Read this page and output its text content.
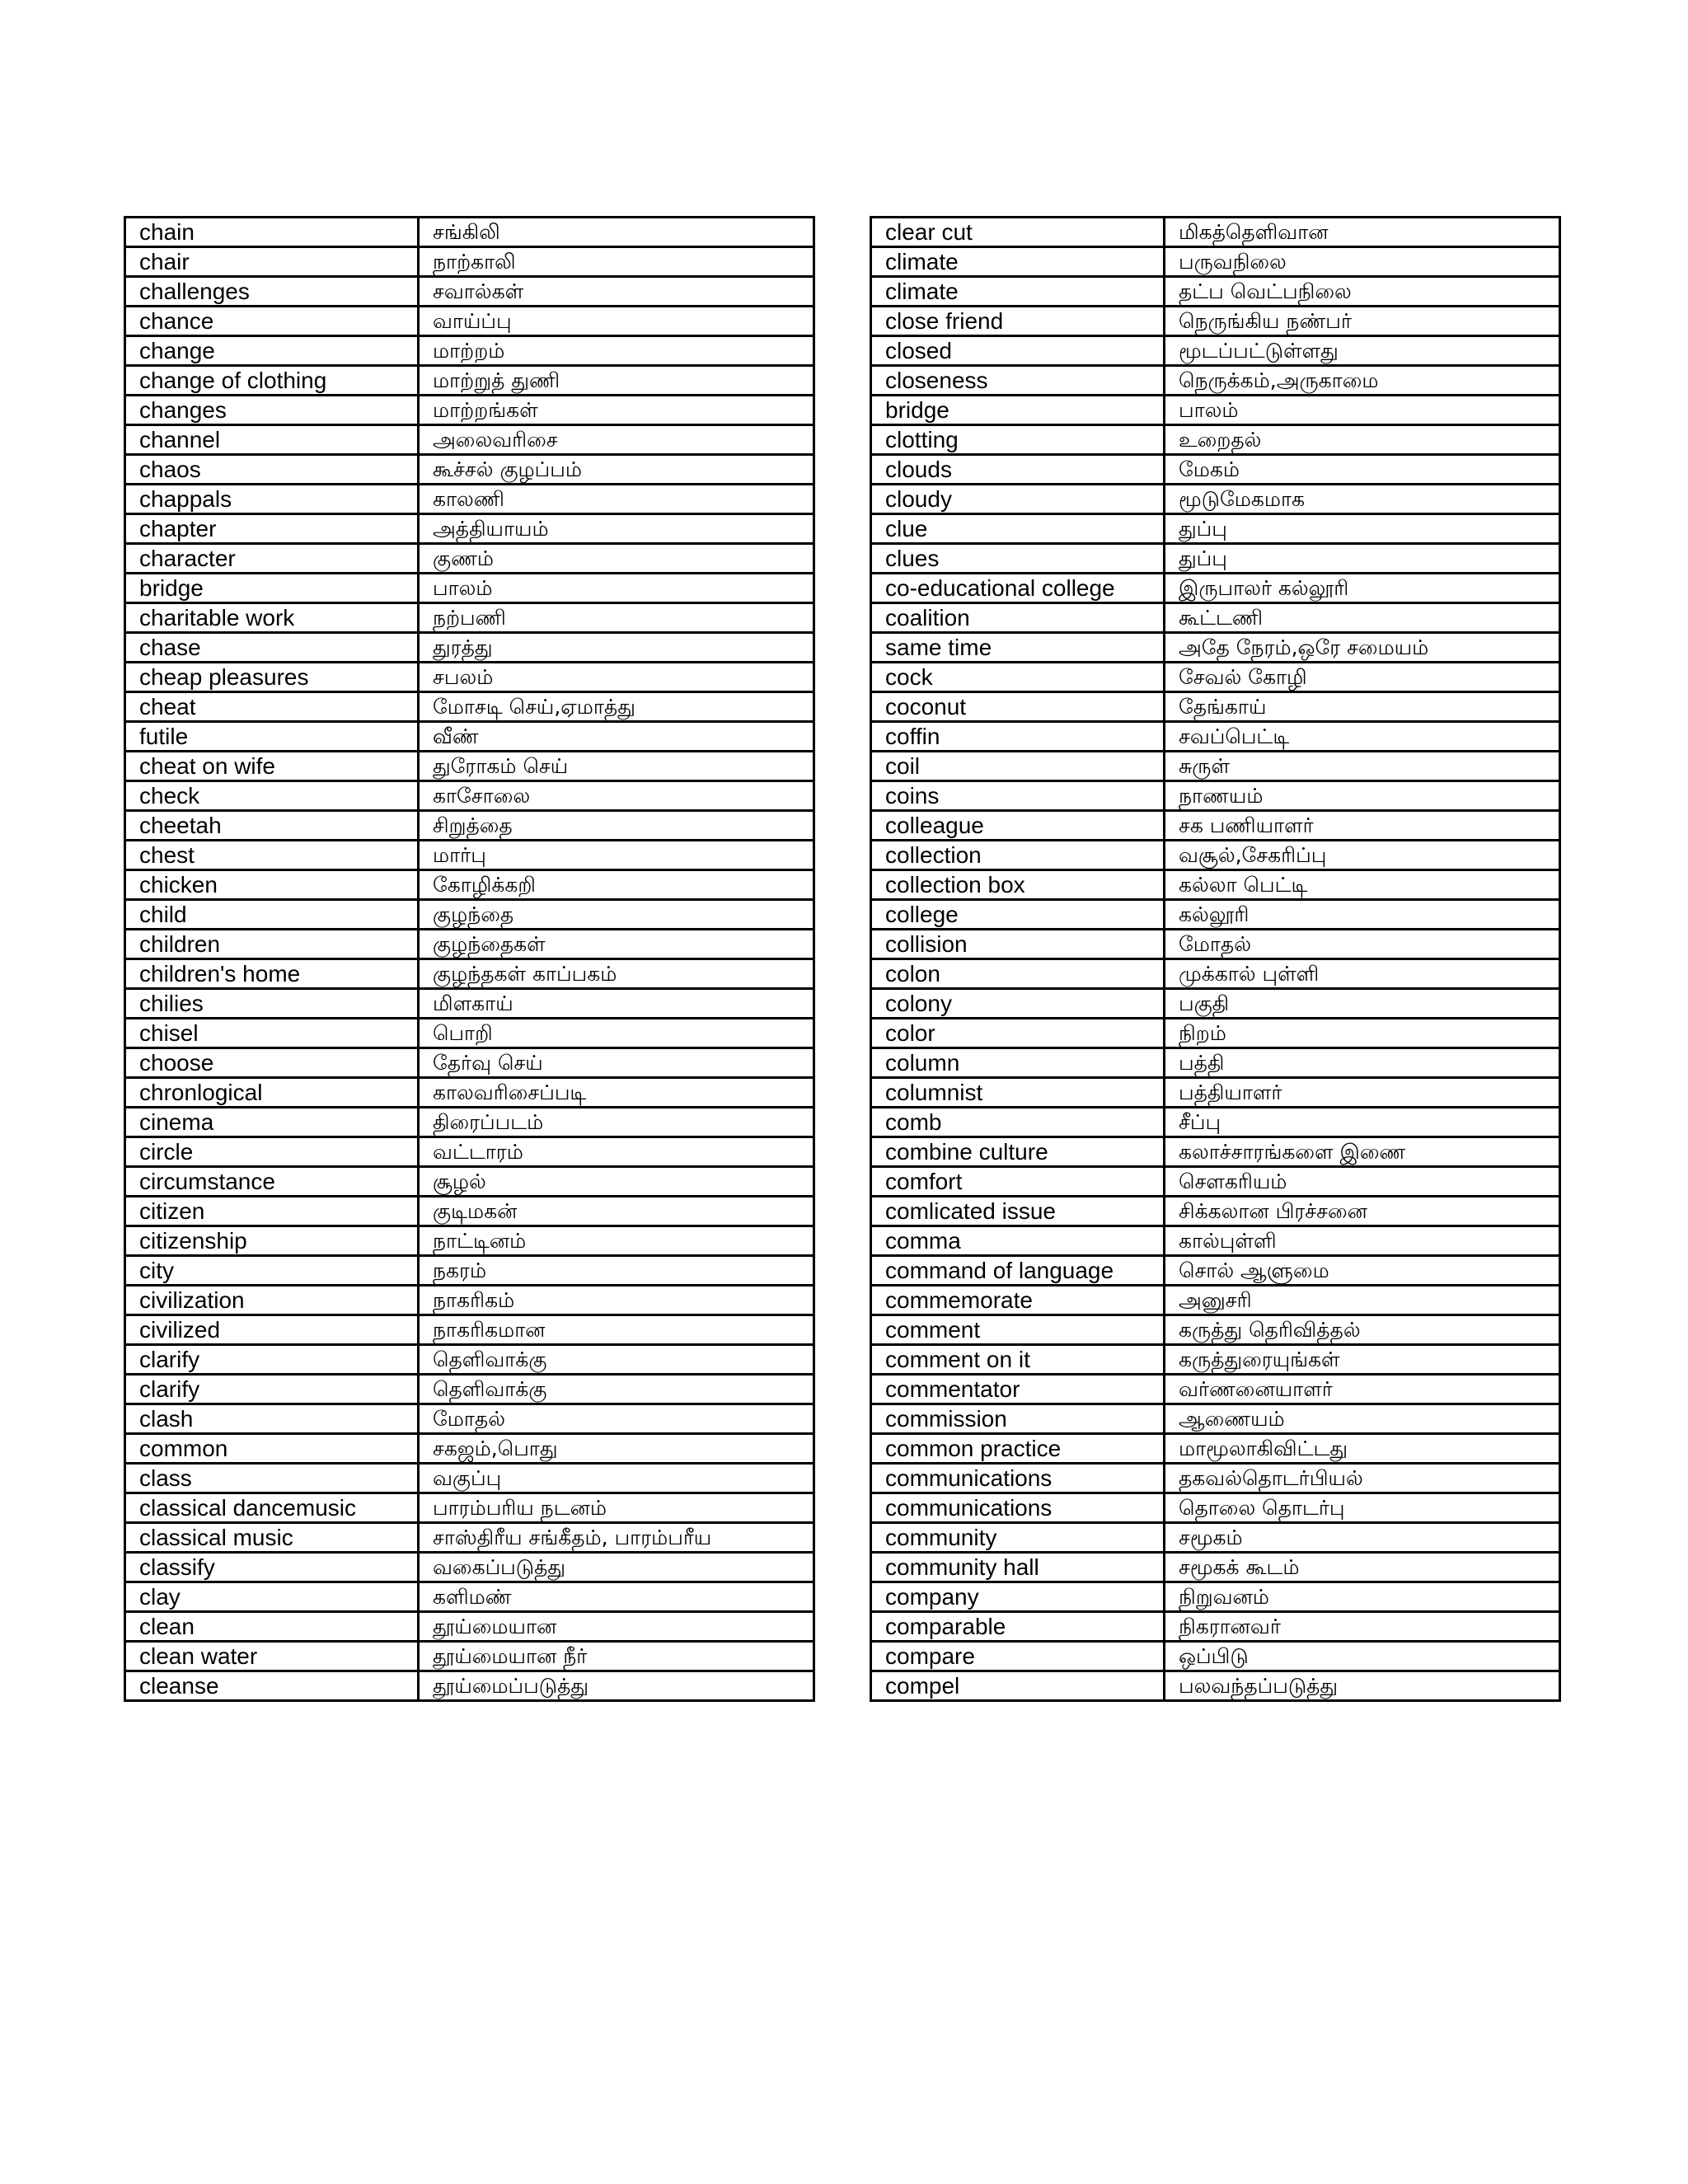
chain	சங்கிலி
chair	நாற்காலி
challenges	சவால்கள்
chance	வாய்ப்பு
change	மாற்றம்
change of clothing	மாற்றுத் துணி
changes	மாற்றங்கள்
channel	அலைவரிசை
chaos	கூச்சல் குழப்பம்
chappals	காலணி
chapter	அத்தியாயம்
character	குணம்
bridge	பாலம்
charitable work	நற்பணி
chase	துரத்து
cheap pleasures	சபலம்
cheat	மோசடி செய்,ஏமாத்து
futile	வீண்
cheat on wife	துரோகம் செய்
check	காசோலை
cheetah	சிறுத்தை
chest	மார்பு
chicken	கோழிக்கறி
child	குழந்தை
children	குழந்தைகள்
children's home	குழந்தகள் காப்பகம்
chilies	மிளகாய்
chisel	பொறி
choose	தேர்வு செய்
chronlogical	காலவரிசைப்படி
cinema	திரைப்படம்
circle	வட்டாரம்
circumstance	சூழல்
citizen	குடிமகன்
citizenship	நாட்டினம்
city	நகரம்
civilization	நாகரிகம்
civilized	நாகரிகமான
clarify	தெளிவாக்கு
clarify	தெளிவாக்கு
clash	மோதல்
common	சகஜம்,பொது
class	வகுப்பு
classical dancemusic	பாரம்பரிய நடனம்
classical music	சாஸ்திரீய சங்கீதம், பாரம்பரீய
classify	வகைப்படுத்து
clay	களிமண்
clean	தூய்மையான
clean water	தூய்மையான நீர்
cleanse	தூய்மைப்படுத்து
clear cut	மிகத்தெளிவான
climate	பருவநிலை
climate	தட்ப வெட்பநிலை
close friend	நெருங்கிய நண்பர்
closed	மூடப்பட்டுள்ளது
closeness	நெருக்கம்,அருகாமை
bridge	பாலம்
clotting	உறைதல்
clouds	மேகம்
cloudy	மூடுமேகமாக
clue	துப்பு
clues	துப்பு
co-educational college	இருபாலர் கல்லூரி
coalition	கூட்டணி
same time	அதே நேரம்,ஒரே சமையம்
cock	சேவல் கோழி
coconut	தேங்காய்
coffin	சவப்பெட்டி
coil	சுருள்
coins	நாணயம்
colleague	சக பணியாளர்
collection	வசூல்,சேகரிப்பு
collection box	கல்லா பெட்டி
college	கல்லூரி
collision	மோதல்
colon	முக்கால் புள்ளி
colony	பகுதி
color	நிறம்
column	பத்தி
columnist	பத்தியாளர்
comb	சீப்பு
combine culture	கலாச்சாரங்களை இணை
comfort	சௌகரியம்
comlicated issue	சிக்கலான பிரச்சனை
comma	கால்புள்ளி
command of language	சொல் ஆளுமை
commemorate	அனுசரி
comment	கருத்து தெரிவித்தல்
comment on it	கருத்துரையுங்கள்
commentator	வர்ணனையாளர்
commission	ஆணையம்
common practice	மாமூலாகிவிட்டது
communications	தகவல்தொடர்பியல்
communications	தொலை தொடர்பு
community	சமூகம்
community hall	சமூகக் கூடம்
company	நிறுவனம்
comparable	நிகரானவர்
compare	ஒப்பிடு
compel	பலவந்தப்படுத்து
